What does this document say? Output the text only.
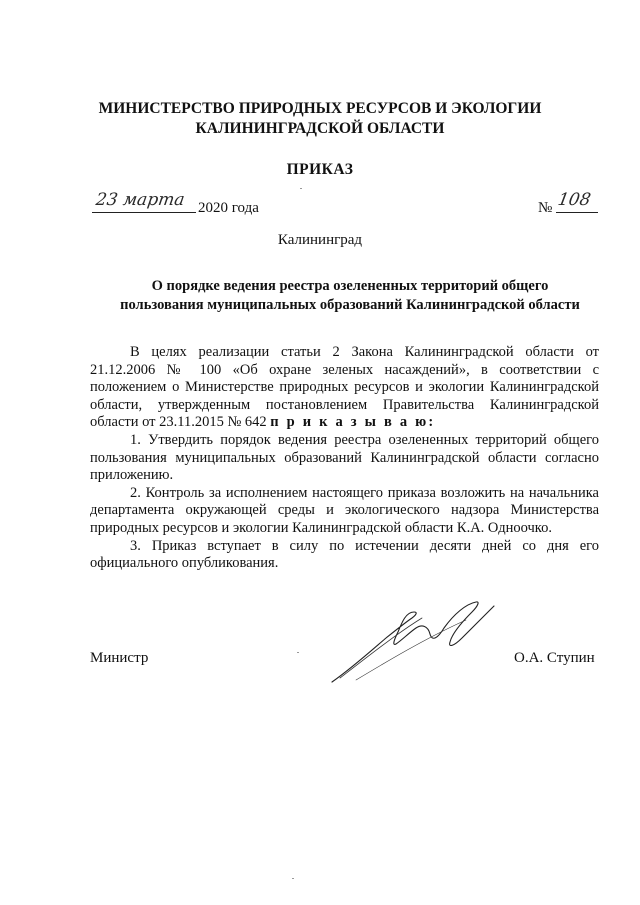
МИНИСТЕРСТВО ПРИРОДНЫХ РЕСУРСОВ И ЭКОЛОГИИ
КАЛИНИНГРАДСКОЙ ОБЛАСТИ
ПРИКАЗ
23 марта 2020 года	№ 108
Калининград
О порядке ведения реестра озелененных территорий общего
пользования муниципальных образований Калининградской области

В целях реализации статьи 2 Закона Калининградской области от 21.12.2006 № 100 «Об охране зеленых насаждений», в соответствии с положением о Министерстве природных ресурсов и экологии Калининградской области, утвержденным постановлением Правительства Калининградской области от 23.11.2015 № 642 п р и к а з ы в а ю:

1. Утвердить порядок ведения реестра озелененных территорий общего пользования муниципальных образований Калининградской области согласно приложению.

2. Контроль за исполнением настоящего приказа возложить на начальника департамента окружающей среды и экологического надзора Министерства природных ресурсов и экологии Калининградской области К.А. Одноочко.

3. Приказ вступает в силу по истечении десяти дней со дня его официального опубликования.

Министр	О.А. Ступин
